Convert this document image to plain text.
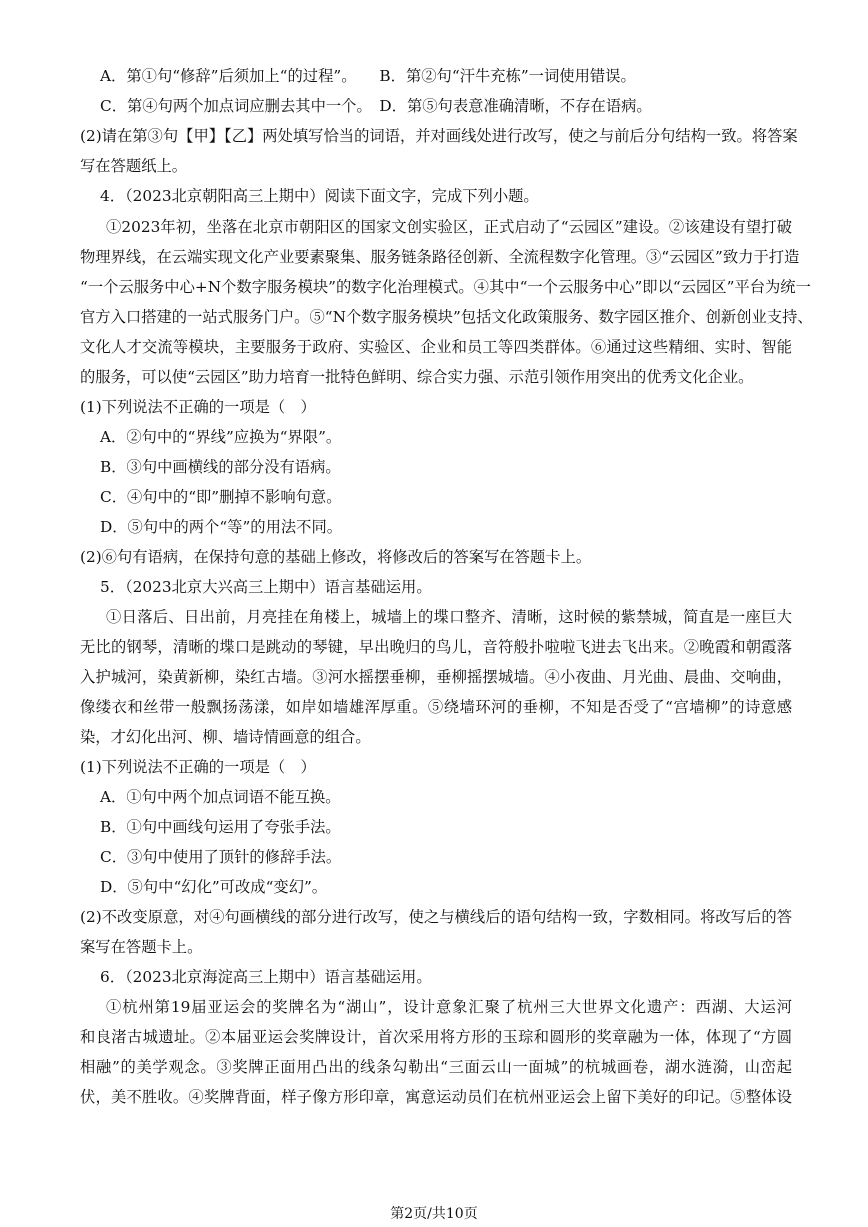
A．第①句“修辞”后须加上“的过程”。　　B．第②句“汗牛充栋”一词使用错误。
C．第④句两个加点词应删去其中一个。　D．第⑤句表意准确清晰，不存在语病。
(2)请在第③句【甲】【乙】两处填写恰当的词语，并对画线处进行改写，使之与前后分句结构一致。将答案
写在答题纸上。
4．（2023北京朝阳高三上期中）阅读下面文字，完成下列小题。
①2023年初，坐落在北京市朝阳区的国家文创实验区，正式启动了“云园区”建设。②该建设有望打破
物理界线，在云端实现文化产业要素聚集、服务链条路径创新、全流程数字化管理。③“云园区”致力于打造
“一个云服务中心+N个数字服务模块”的数字化治理模式。④其中“一个云服务中心”即以“云园区”平台为统一
官方入口搭建的一站式服务门户。⑤“N个数字服务模块”包括文化政策服务、数字园区推介、创新创业支持、
文化人才交流等模块，主要服务于政府、实验区、企业和员工等四类群体。⑥通过这些精细、实时、智能
的服务，可以使“云园区”助力培育一批特色鲜明、综合实力强、示范引领作用突出的优秀文化企业。
(1)下列说法不正确的一项是（　）
A．②句中的“界线”应换为“界限”。
B．③句中画横线的部分没有语病。
C．④句中的“即”删掉不影响句意。
D．⑤句中的两个“等”的用法不同。
(2)⑥句有语病，在保持句意的基础上修改，将修改后的答案写在答题卡上。
5．（2023北京大兴高三上期中）语言基础运用。
①日落后、日出前，月亮挂在角楼上，城墙上的堞口整齐、清晰，这时候的紫禁城，简直是一座巨大
无比的钢琴，清晰的堞口是跳动的琴键，早出晚归的鸟儿，音符般扑啦啦飞进去飞出来。②晚霞和朝霞落
入护城河，染黄新柳，染红古墙。③河水摇摆垂柳，垂柳摇摆城墙。④小夜曲、月光曲、晨曲、交响曲，
像缕衣和丝带一般飘扬荡漾，如岸如墙雄浑厚重。⑤绕墙环河的垂柳，不知是否受了“宫墙柳”的诗意感
染，才幻化出河、柳、墙诗情画意的组合。
(1)下列说法不正确的一项是（　）
A．①句中两个加点词语不能互换。
B．①句中画线句运用了夸张手法。
C．③句中使用了顶针的修辞手法。
D．⑤句中“幻化”可改成“变幻”。
(2)不改变原意，对④句画横线的部分进行改写，使之与横线后的语句结构一致，字数相同。将改写后的答
案写在答题卡上。
6．（2023北京海淀高三上期中）语言基础运用。
①杭州第19届亚运会的奖牌名为“湖山”，设计意象汇聚了杭州三大世界文化遗产：西湖、大运河
和良渚古城遗址。②本届亚运会奖牌设计，首次采用将方形的玉琮和圆形的奖章融为一体，体现了“方圆
相融”的美学观念。③奖牌正面用凸出的线条勾勒出“三面云山一面城”的杭城画卷，湖水涟漪，山峦起
伏，美不胜收。④奖牌背面，样子像方形印章，寓意运动员们在杭州亚运会上留下美好的印记。⑤整体设
第2页/共10页
